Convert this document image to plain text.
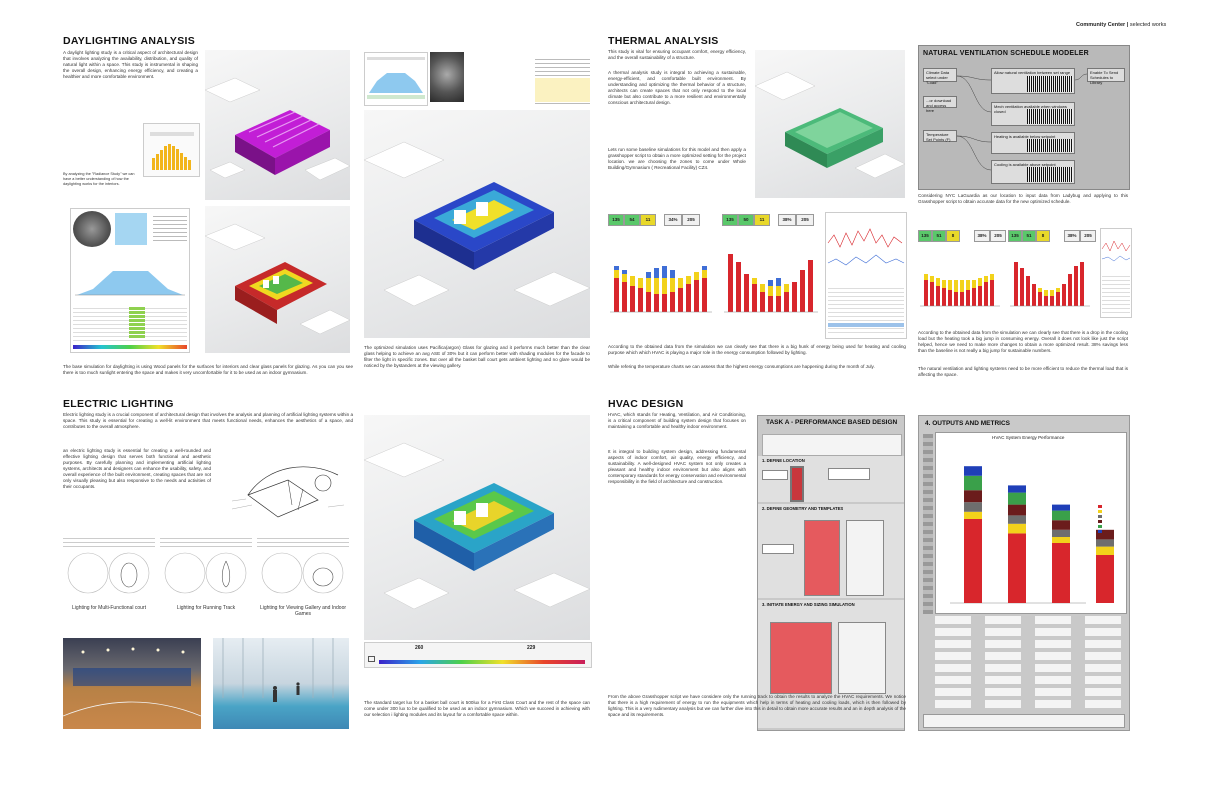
Community Center | selected works
DAYLIGHTING ANALYSIS
A daylight lighting study is a critical aspect of architectural design that involves analyzing the availability, distribution, and quality of natural light within a space. This study is instrumental in shaping the overall design, enhancing energy efficiency, and creating a healthier and more comfortable environment.
By analyzing the "Radiance Study" we can have a better understanding of how the daylighting works for the interiors.
The base simulation for daylighting is using Wood panels for the surfaces for interiors and clear glass panels for glazing. As you can you see there is too much sunlight entering the space and makes it very uncomfortable for it to be used as an indoor gymnasium.
The optimized simulation uses Pacifica(argon) Glass for glazing and it performs much better than the clear glass helping to achieve an avg ASE of 30% but it can perform better with shading modules for the facade to filter the light in specific zones. But over all the basket ball court gets ambient lighting and no glare would be noticed by the bystanders at the viewing gallery.
ELECTRIC LIGHTING
Electric lighting study is a crucial component of architectural design that involves the analysis and planning of artificial lighting systems within a space. This study is essential for creating a well-lit environment that meets functional needs, enhances the aesthetics of a space, and contributes to the overall atmosphere.
an electric lighting study is essential for creating a well-rounded and effective lighting design that serves both functional and aesthetic purposes. By carefully planning and implementing artificial lighting systems, architects and designers can enhance the usability, safety, and overall experience of the built environment, creating spaces that are not only visually pleasing but also responsive to the needs and activities of their occupants.
Lighting for Multi-Functional court	Lighting for Running Track	Lighting for Viewing Gallery and Indoor Games
260	229
The standard target lux for a basket ball court is 500lux for a First Class Court and the rest of the space can come under 300 lux to be qualified to be used as an indoor gymnasium. Which we succeed in achieving with our selection i lighting modules and its layout for a comfortable space within.
THERMAL ANALYSIS
This study is vital for ensuring occupant comfort, energy efficiency, and the overall sustainability of a structure.
A thermal analysis study is integral to achieving a sustainable, energy-efficient, and comfortable built environment. By understanding and optimizing the thermal behavior of a structure, architects can create spaces that not only respond to the local climate but also contribute to a more resilient and environmentally conscious architectural design.
Lets run some baseline simulations for this model and then apply a grasshopper script to obtain a more optimized setting for the project location. we are choosing the zones to come under Whole Building/Gymnasium ( Recreational Facility) CZ4.
135	54	11	34%	205	135	50	11	38%	205
According to the obtained data from the simulation we can clearly see that there is a big hunk of energy being used for heating and cooling purpose which which HVAC is playing a major role in the energy consumption followed by lighting.
While refering the temperature charts we can assess that the highest energy consumptions are happening during the month of July.
NATURAL VENTILATION SCHEDULE MODELER
Climate Data select under "Load"
...or download and access here
Temperature Set Points (F)
Allow natural ventilation between set range
Mech ventilation available when windows closed
Heating is available below setpoint
Cooling is available above setpoint
Enable To Send Schedules to Library
Considering NYC LaGuardia as our location to input data from Ladybug and applying to this Grasshopper script to obtain accurate data for the new optimized schedule.
135	51	8	38%	205	135	51	8	38%	205
According to the obtained data from the simulation we can clearly see that there is a drop in the cooling load but the heating took a big jump in consuming energy. Overall it does not look like just the script helped, hence we need to make more changes to obtain a more optimized result. 38% savings less than the baseline is not really a big jump for sustainable numbers.
The natural ventilation and lighting systems need to be more efficient to reduce the thermal load that is affecting the space.
HVAC DESIGN
HVAC, which stands for Heating, Ventilation, and Air Conditioning, is a critical component of building system design that focuses on maintaining a comfortable and healthy indoor environment.
It is integral to building system design, addressing fundamental aspects of indoor comfort, air quality, energy efficiency, and sustainability. A well-designed HVAC system not only creates a pleasant and healthy indoor environment but also aligns with contemporary standards for energy conservation and environmental responsibility in the field of architecture and construction.
TASK A - PERFORMANCE BASED DESIGN
1. DEFINE LOCATION
2. DEFINE GEOMETRY AND TEMPLATES
3. INITIATE ENERGY AND SIZING SIMULATION
4. OUTPUTS AND METRICS
HVAC System Energy Performance
From the above Grasshopper script we have considere only the running track to obtain the results to analyze the HVAC requirements. We notice that there is a high requirement of energy to run the equipments which help in terms of heating and cooling loads, which is then followed by lighting. This is a very rudimentary analysis but we can further dive into this in detail to obtain more accurate results and an in depth analysis of the space and its requirements.
